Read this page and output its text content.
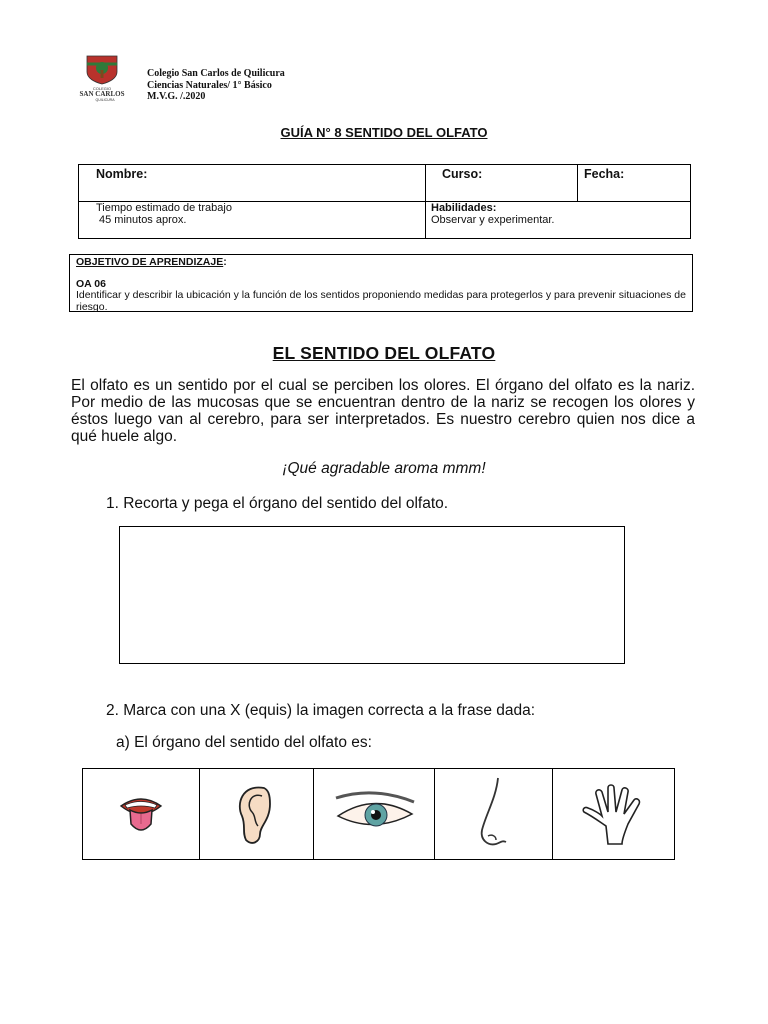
COLEGIO
SAN CARLOS
QUILICURA
Colegio San Carlos de Quilicura
Ciencias Naturales/ 1° Básico
M.V.G. /.2020
GUÍA N° 8 SENTIDO DEL OLFATO
Nombre:	Curso:	Fecha:
Tiempo estimado de trabajo
45 minutos aprox.
Habilidades:
Observar y experimentar.
OBJETIVO DE APRENDIZAJE:
OA 06
Identificar y describir la ubicación y la función de los sentidos proponiendo medidas para protegerlos y para prevenir situaciones de riesgo.
EL SENTIDO DEL OLFATO
El olfato es un sentido por el cual se perciben los olores. El órgano del olfato es la nariz. Por medio de las mucosas que se encuentran dentro de la nariz se recogen los olores y éstos luego van al cerebro, para ser interpretados. Es nuestro cerebro quien nos dice a qué huele algo.
¡Qué agradable aroma mmm!
1. Recorta y pega el órgano del sentido del olfato.
2. Marca con una X (equis) la imagen correcta a la frase dada:
a) El órgano del sentido del olfato es:
